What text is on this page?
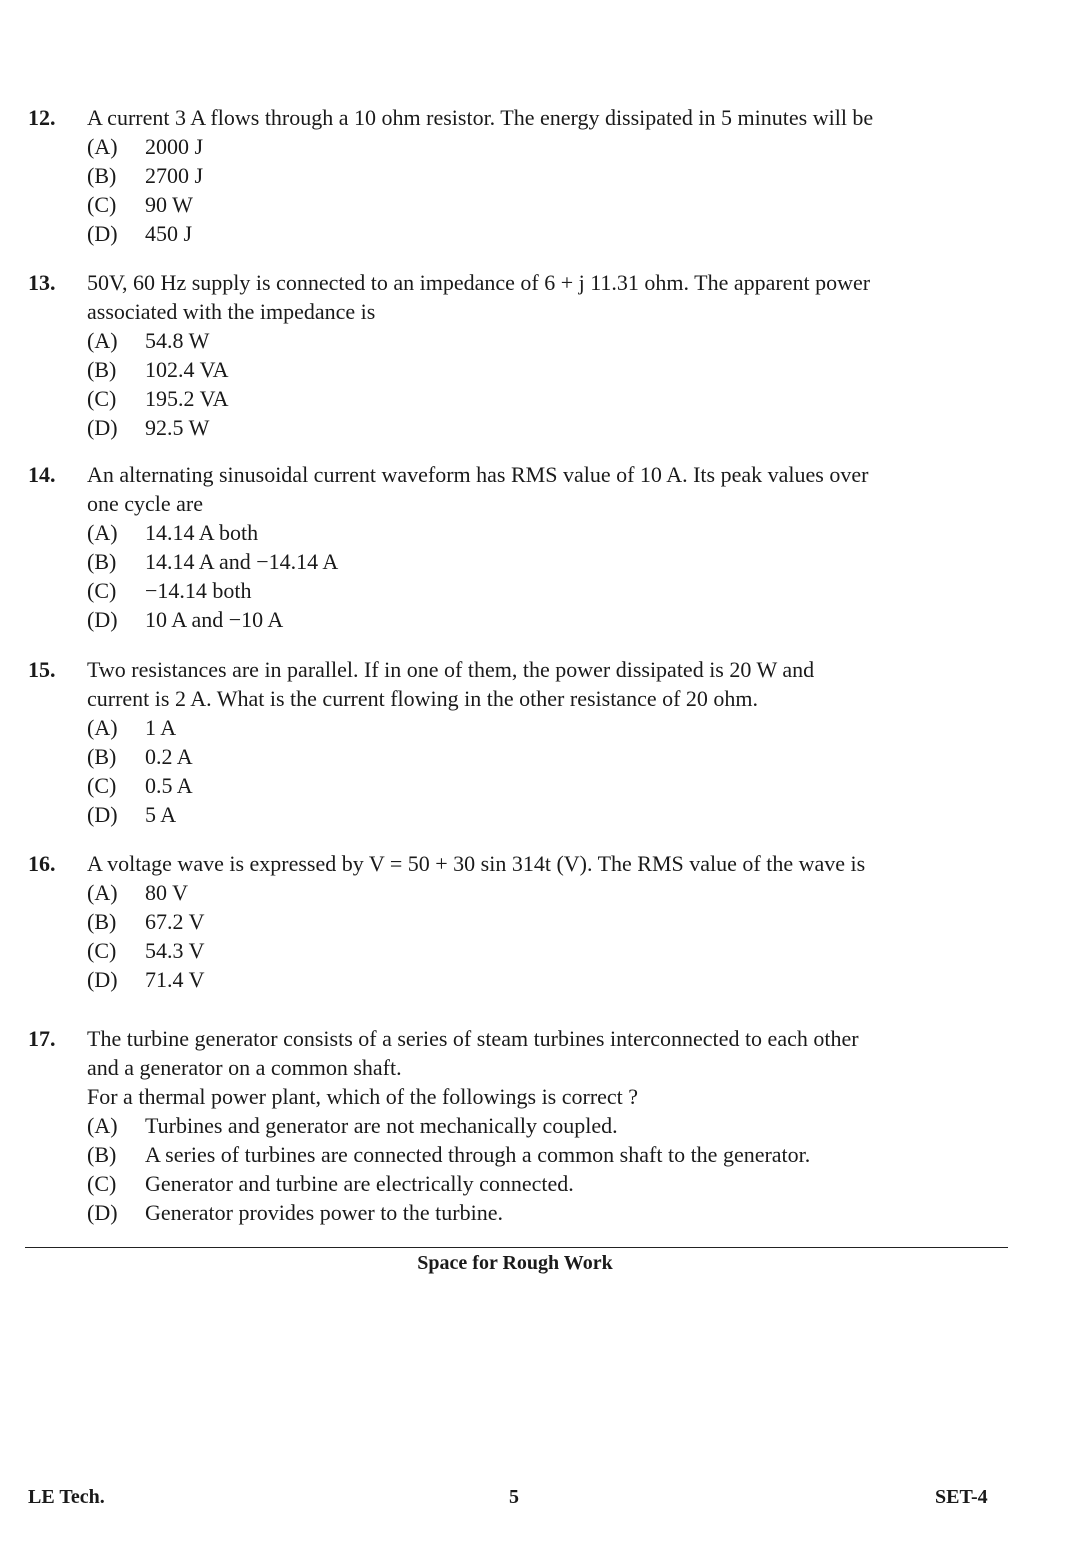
12.	A current 3 A flows through a 10 ohm resistor. The energy dissipated in 5 minutes will be
(A) 2000 J
(B) 2700 J
(C) 90 W
(D) 450 J
13.	50V, 60 Hz supply is connected to an impedance of 6 + j 11.31 ohm. The apparent power
associated with the impedance is
(A) 54.8 W
(B) 102.4 VA
(C) 195.2 VA
(D) 92.5 W
14.	An alternating sinusoidal current waveform has RMS value of 10 A. Its peak values over
one cycle are
(A) 14.14 A both
(B) 14.14 A and −14.14 A
(C) −14.14 both
(D) 10 A and −10 A
15.	Two resistances are in parallel. If in one of them, the power dissipated is 20 W and
current is 2 A. What is the current flowing in the other resistance of 20 ohm.
(A) 1 A
(B) 0.2 A
(C) 0.5 A
(D) 5 A
16.	A voltage wave is expressed by V = 50 + 30 sin 314t (V). The RMS value of the wave is
(A) 80 V
(B) 67.2 V
(C) 54.3 V
(D) 71.4 V
17.	The turbine generator consists of a series of steam turbines interconnected to each other
and a generator on a common shaft.
For a thermal power plant, which of the followings is correct ?
(A) Turbines and generator are not mechanically coupled.
(B) A series of turbines are connected through a common shaft to the generator.
(C) Generator and turbine are electrically connected.
(D) Generator provides power to the turbine.
Space for Rough Work
LE Tech.	5	SET-4
